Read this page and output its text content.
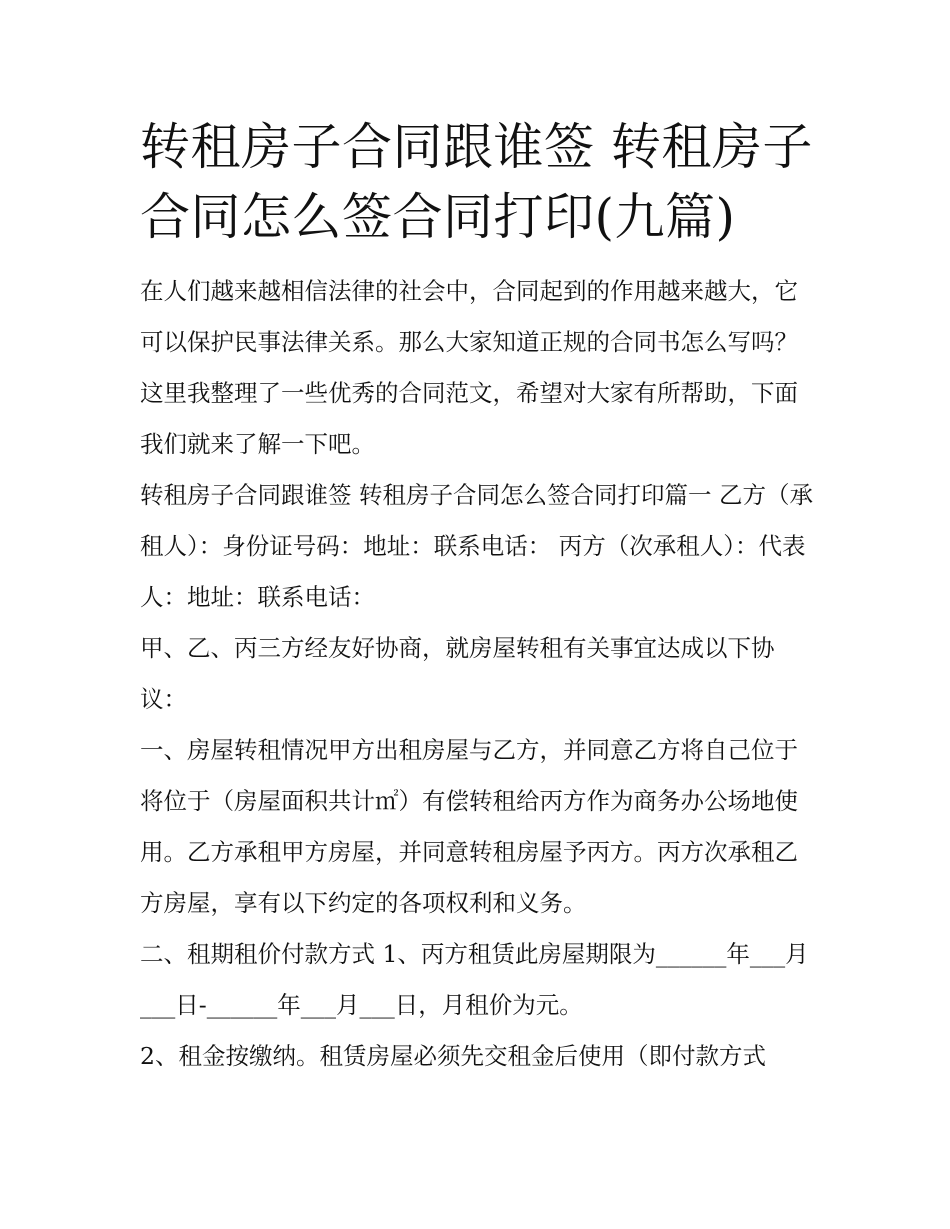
转租房子合同跟谁签 转租房子合同怎么签合同打印(九篇)

在人们越来越相信法律的社会中，合同起到的作用越来越大，它可以保护民事法律关系。那么大家知道正规的合同书怎么写吗？这里我整理了一些优秀的合同范文，希望对大家有所帮助，下面我们就来了解一下吧。

转租房子合同跟谁签 转租房子合同怎么签合同打印篇一 乙方（承租人）：身份证号码：地址：联系电话： 丙方（次承租人）：代表人：地址：联系电话：

甲、乙、丙三方经友好协商，就房屋转租有关事宜达成以下协议：

一、房屋转租情况甲方出租房屋与乙方，并同意乙方将自己位于将位于（房屋面积共计㎡）有偿转租给丙方作为商务办公场地使用。乙方承租甲方房屋，并同意转租房屋予丙方。丙方次承租乙方房屋，享有以下约定的各项权利和义务。

二、租期租价付款方式 1、丙方租赁此房屋期限为______年___月___日-______年___月___日，月租价为元。

2、租金按缴纳。租赁房屋必须先交租金后使用（即付款方式
